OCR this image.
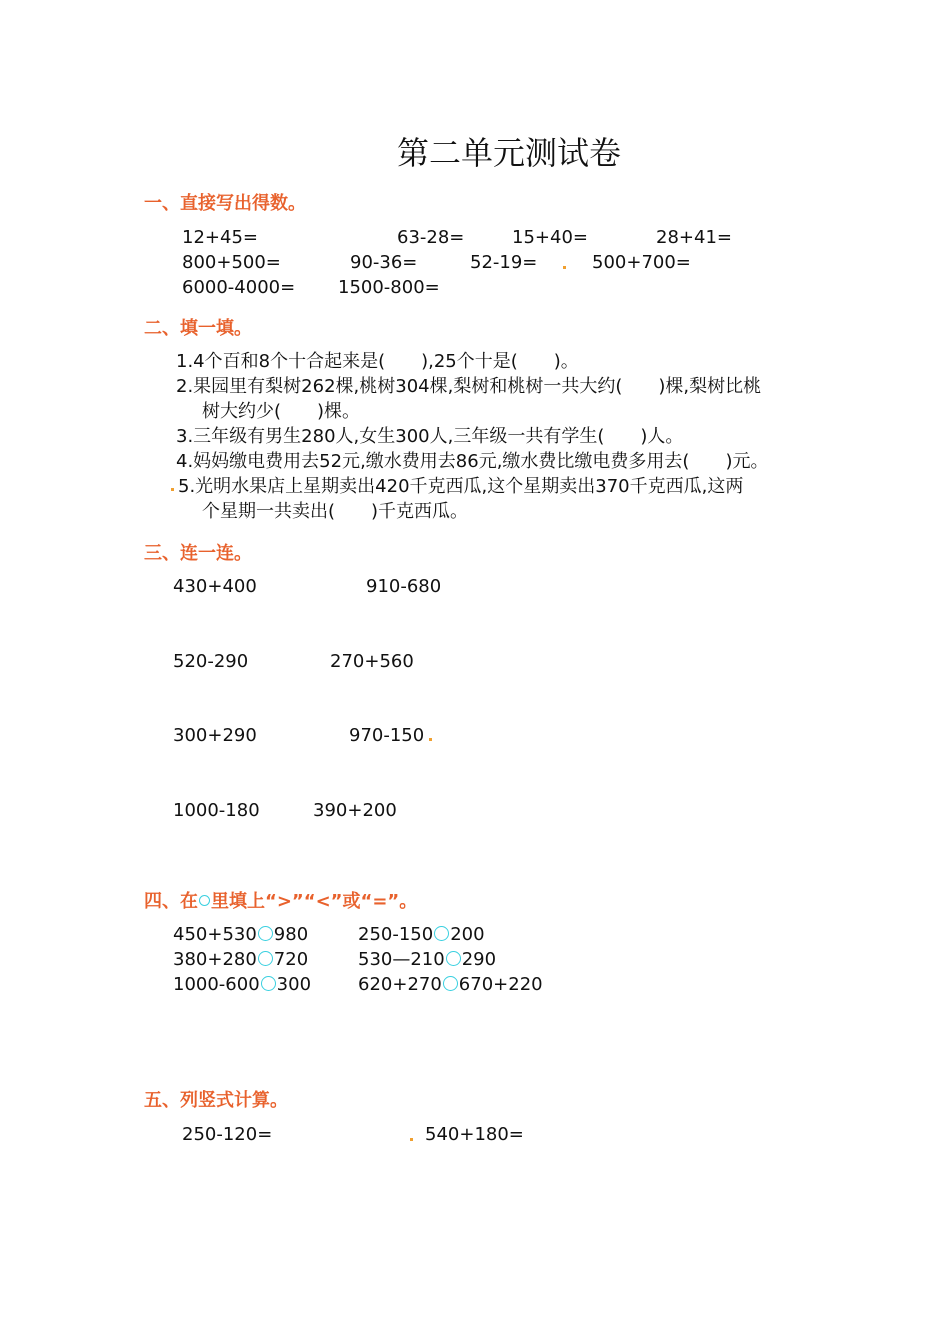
第二单元测试卷
一、直接写出得数。
12+45=	63-28=	15+40=	28+41=
800+500=	90-36=	52-19=	500+700=
6000-4000= 1500-800=
二、填一填。
1.4个百和8个十合起来是(　　),25个十是(　　)。
2.果园里有梨树262棵,桃树304棵,梨树和桃树一共大约(　　)棵,梨树比桃
树大约少(　　)棵。
3.三年级有男生280人,女生300人,三年级一共有学生(　　)人。
4.妈妈缴电费用去52元,缴水费用去86元,缴水费比缴电费多用去(　　)元。
5.光明水果店上星期卖出420千克西瓜,这个星期卖出370千克西瓜,这两
个星期一共卖出(　　)千克西瓜。
三、连一连。
430+400	910-680
520-290	270+560
300+290	970-150
1000-180	390+200
四、在 里填上“>”“<”或“=”。
450+530 980	250-150 200
380+280 720	530—210 290
1000-600 300	620+270 670+220
五、列竖式计算。
250-120=	540+180=
